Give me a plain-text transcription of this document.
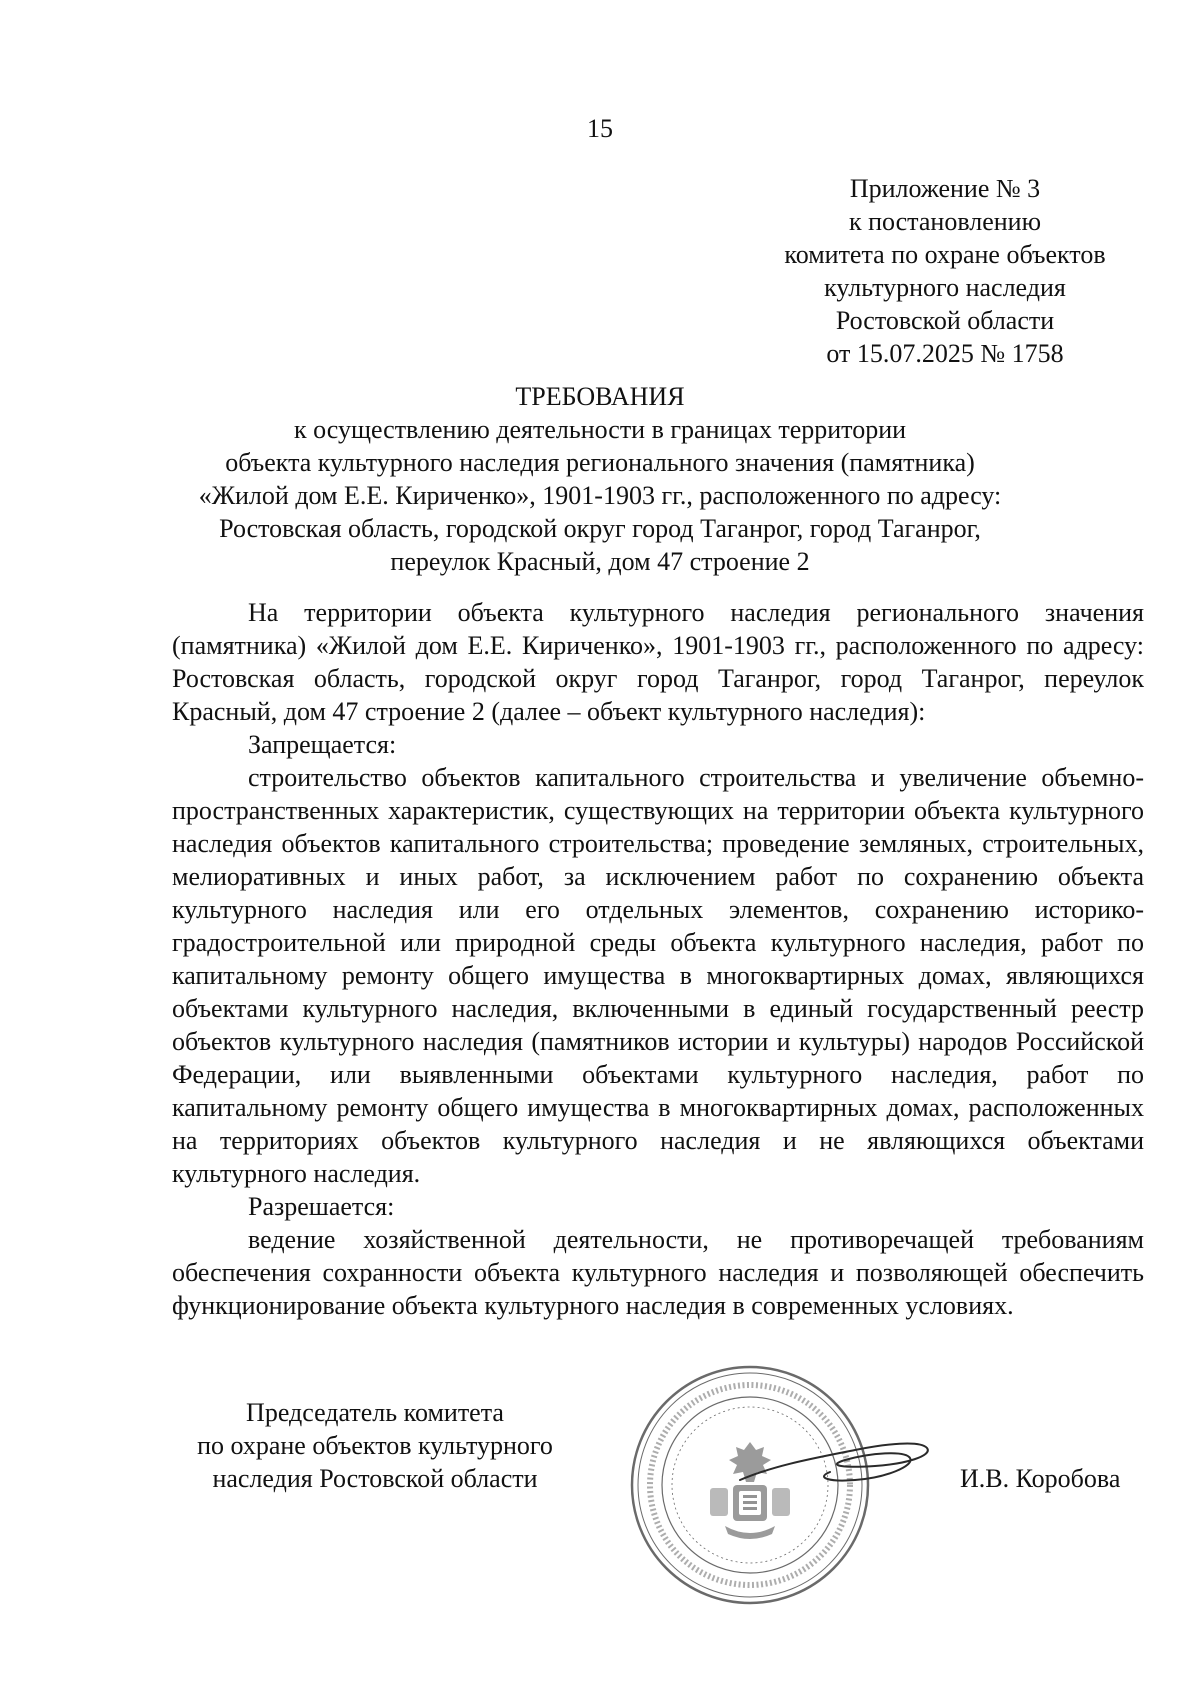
15
Приложение № 3
к постановлению
комитета по охране объектов
культурного наследия
Ростовской области
от 15.07.2025 № 1758
ТРЕБОВАНИЯ
к осуществлению деятельности в границах территории
объекта культурного наследия регионального значения (памятника)
«Жилой дом Е.Е. Кириченко», 1901-1903 гг., расположенного по адресу:
Ростовская область, городской округ город Таганрог, город Таганрог,
переулок Красный, дом 47 строение 2

На территории объекта культурного наследия регионального значения (памятника) «Жилой дом Е.Е. Кириченко», 1901-1903 гг., расположенного по адресу: Ростовская область, городской округ город Таганрог, город Таганрог, переулок Красный, дом 47 строение 2 (далее – объект культурного наследия):

Запрещается:

строительство объектов капитального строительства и увеличение объемно-пространственных характеристик, существующих на территории объекта культурного наследия объектов капитального строительства; проведение земляных, строительных, мелиоративных и иных работ, за исключением работ по сохранению объекта культурного наследия или его отдельных элементов, сохранению историко-градостроительной или природной среды объекта культурного наследия, работ по капитальному ремонту общего имущества в многоквартирных домах, являющихся объектами культурного наследия, включенными в единый государственный реестр объектов культурного наследия (памятников истории и культуры) народов Российской Федерации, или выявленными объектами культурного наследия, работ по капитальному ремонту общего имущества в многоквартирных домах, расположенных на территориях объектов культурного наследия и не являющихся объектами культурного наследия.

Разрешается:

ведение хозяйственной деятельности, не противоречащей требованиям обеспечения сохранности объекта культурного наследия и позволяющей обеспечить функционирование объекта культурного наследия в современных условиях.

Председатель комитета
по охране объектов культурного
наследия Ростовской области	И.В. Коробова
